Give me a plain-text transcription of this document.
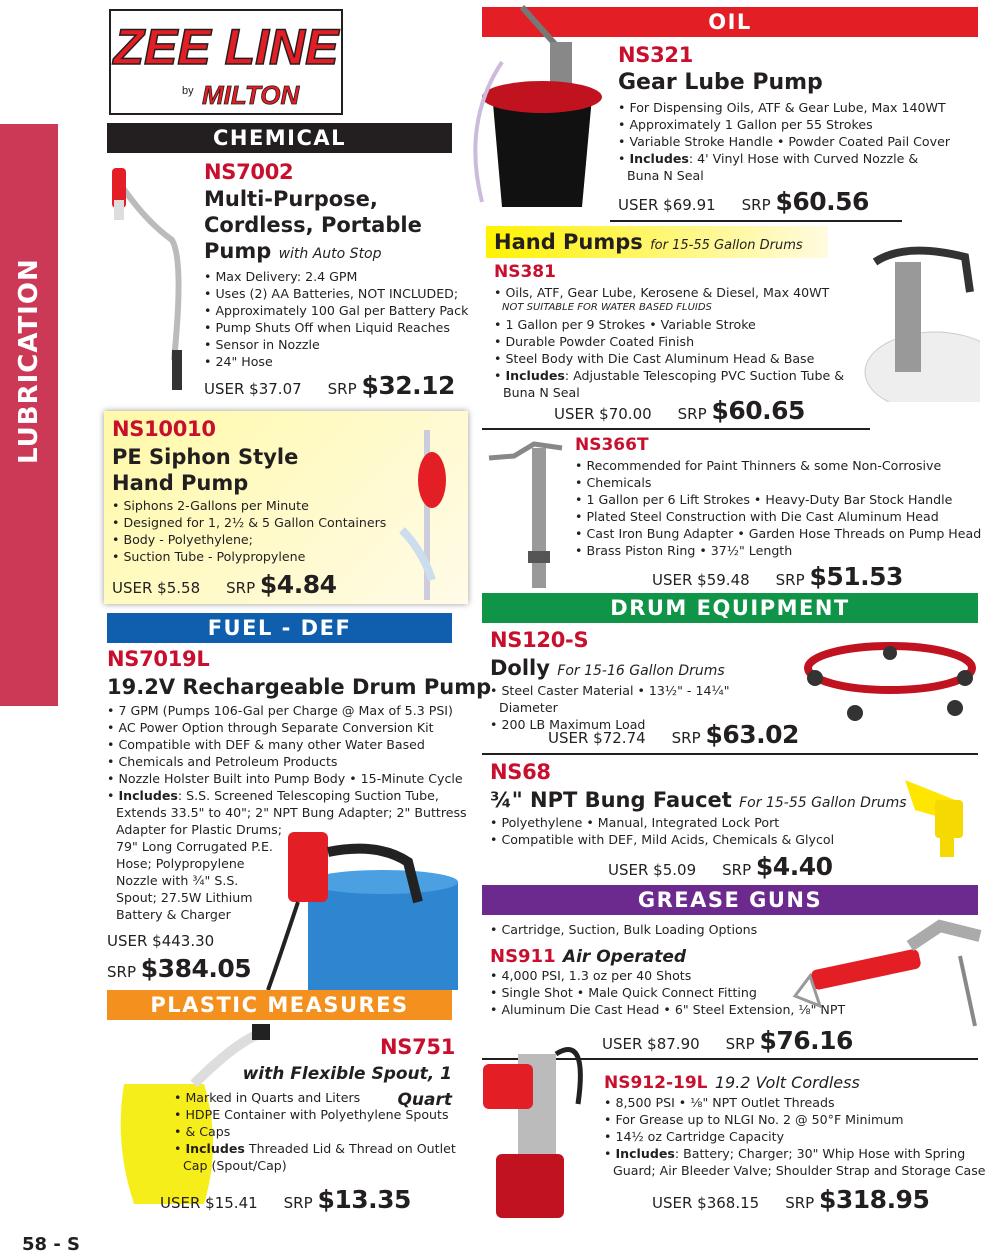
LUBRICATION
ZEE LINE
by MILTON
CHEMICAL
NS7002
Multi-Purpose,
Cordless, Portable
Pump with Auto Stop
• Max Delivery: 2.4 GPM
• Uses (2) AA Batteries, NOT INCLUDED;
• Approximately 100 Gal per Battery Pack
• Pump Shuts Off when Liquid Reaches
• Sensor in Nozzle
• 24" Hose
USER $37.07 SRP $32.12
NS10010
PE Siphon Style
Hand Pump
• Siphons 2-Gallons per Minute
• Designed for 1, 2½ & 5 Gallon Containers
• Body - Polyethylene;
• Suction Tube - Polypropylene
USER $5.58 SRP $4.84
FUEL - DEF
NS7019L
19.2V Rechargeable Drum Pump
• 7 GPM (Pumps 106-Gal per Charge @ Max of 5.3 PSI)
• AC Power Option through Separate Conversion Kit
• Compatible with DEF & many other Water Based
• Chemicals and Petroleum Products
• Nozzle Holster Built into Pump Body • 15-Minute Cycle
• Includes: S.S. Screened Telescoping Suction Tube,
Extends 33.5" to 40"; 2" NPT Bung Adapter; 2" Buttress
Adapter for Plastic Drums;
79" Long Corrugated P.E.
Hose; Polypropylene
Nozzle with ¾" S.S.
Spout; 27.5W Lithium
Battery & Charger
USER $443.30
SRP $384.05
PLASTIC MEASURES
NS751
with Flexible Spout, 1 Quart
• Marked in Quarts and Liters
• HDPE Container with Polyethylene Spouts
• & Caps
• Includes Threaded Lid & Thread on Outlet
Cap (Spout/Cap)
USER $15.41 SRP $13.35
58 - S
OIL
NS321
Gear Lube Pump
• For Dispensing Oils, ATF & Gear Lube, Max 140WT
• Approximately 1 Gallon per 55 Strokes
• Variable Stroke Handle • Powder Coated Pail Cover
• Includes: 4' Vinyl Hose with Curved Nozzle &
Buna N Seal
USER $69.91 SRP $60.56
Hand Pumps for 15-55 Gallon Drums
NS381
• Oils, ATF, Gear Lube, Kerosene & Diesel, Max 40WT
NOT SUITABLE FOR WATER BASED FLUIDS
• 1 Gallon per 9 Strokes • Variable Stroke
• Durable Powder Coated Finish
• Steel Body with Die Cast Aluminum Head & Base
• Includes: Adjustable Telescoping PVC Suction Tube &
Buna N Seal
USER $70.00 SRP $60.65
NS366T
• Recommended for Paint Thinners & some Non-Corrosive
• Chemicals
• 1 Gallon per 6 Lift Strokes • Heavy-Duty Bar Stock Handle
• Plated Steel Construction with Die Cast Aluminum Head
• Cast Iron Bung Adapter • Garden Hose Threads on Pump Head
• Brass Piston Ring • 37½" Length
USER $59.48 SRP $51.53
DRUM EQUIPMENT
NS120-S
Dolly For 15-16 Gallon Drums
• Steel Caster Material • 13½" - 14¼" Diameter
• 200 LB Maximum Load
USER $72.74 SRP $63.02
NS68
¾" NPT Bung Faucet For 15-55 Gallon Drums
• Polyethylene • Manual, Integrated Lock Port
• Compatible with DEF, Mild Acids, Chemicals & Glycol
USER $5.09 SRP $4.40
GREASE GUNS
• Cartridge, Suction, Bulk Loading Options
NS911 Air Operated
• 4,000 PSI, 1.3 oz per 40 Shots
• Single Shot • Male Quick Connect Fitting
• Aluminum Die Cast Head • 6" Steel Extension, ⅛" NPT
USER $87.90 SRP $76.16
NS912-19L 19.2 Volt Cordless
• 8,500 PSI • ⅛" NPT Outlet Threads
• For Grease up to NLGI No. 2 @ 50°F Minimum
• 14½ oz Cartridge Capacity
• Includes: Battery; Charger; 30" Whip Hose with Spring
Guard; Air Bleeder Valve; Shoulder Strap and Storage Case
USER $368.15 SRP $318.95
